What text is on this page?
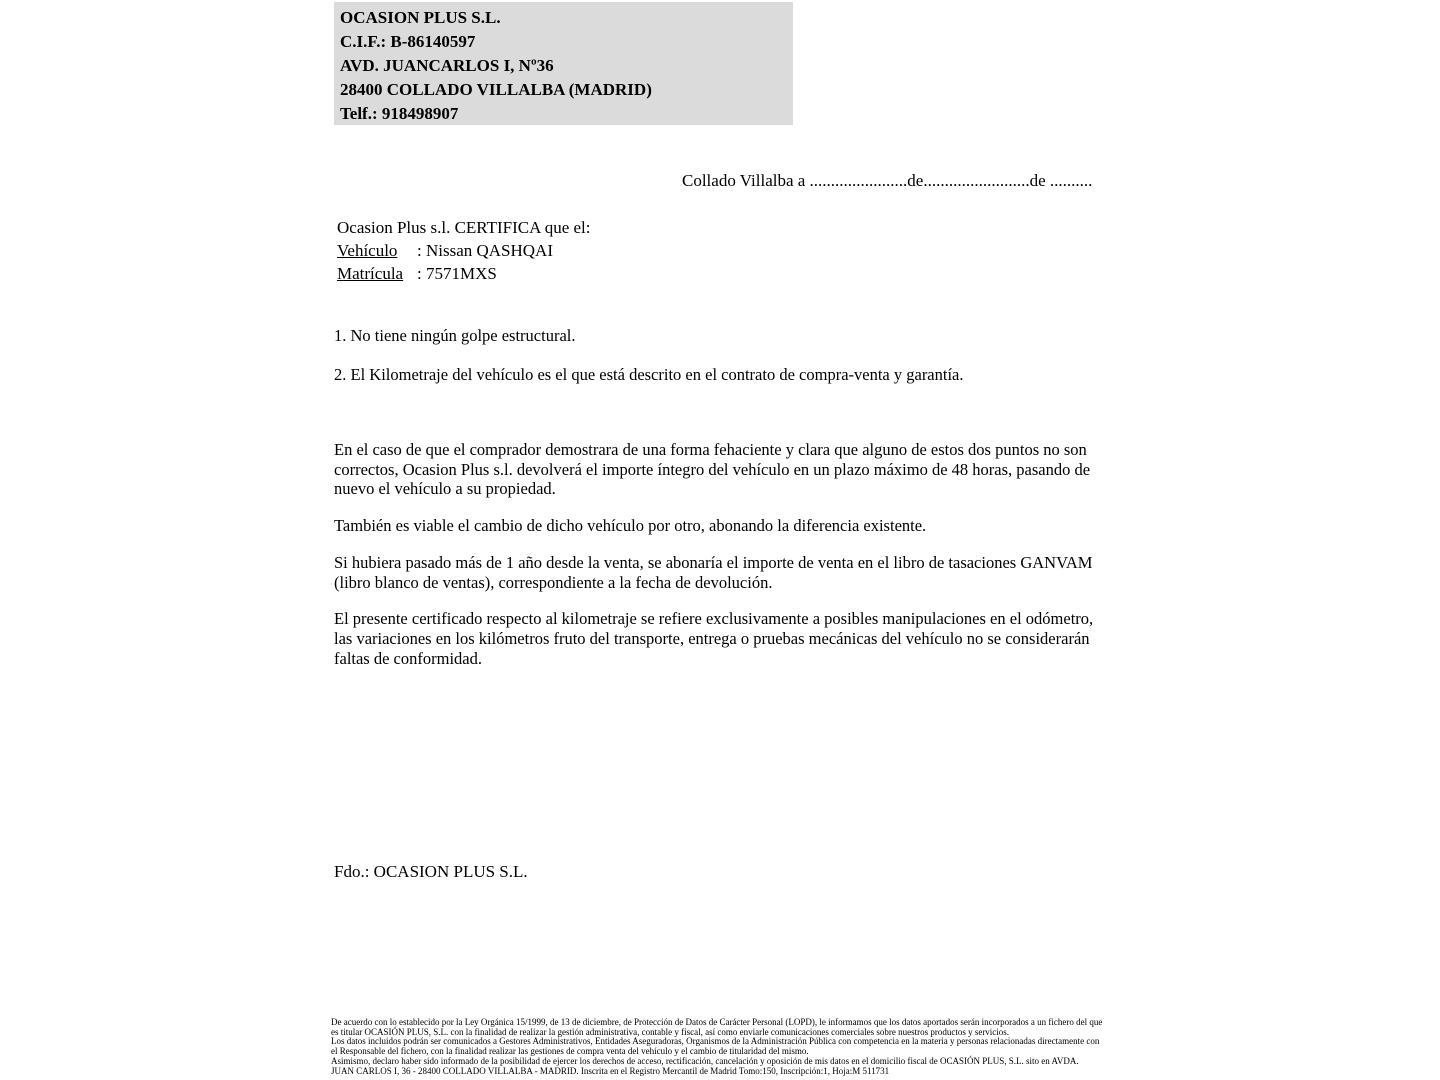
OCASION PLUS S.L.
C.I.F.: B-86140597
AVD. JUANCARLOS I, Nº36
28400 COLLADO VILLALBA (MADRID)
Telf.: 918498907
Collado Villalba a .......................de.........................de ..........
Ocasion Plus s.l. CERTIFICA que el:
Vehículo : Nissan QASHQAI
Matrícula : 7571MXS

1. No tiene ningún golpe estructural.

2. El Kilometraje del vehículo es el que está descrito en el contrato de compra-venta y garantía.

En el caso de que el comprador demostrara de una forma fehaciente y clara que alguno de estos dos puntos no son correctos, Ocasion Plus s.l. devolverá el importe íntegro del vehículo en un plazo máximo de 48 horas, pasando de nuevo el vehículo a su propiedad.

También es viable el cambio de dicho vehículo por otro, abonando la diferencia existente.

Si hubiera pasado más de 1 año desde la venta, se abonaría el importe de venta en el libro de tasaciones GANVAM (libro blanco de ventas), correspondiente a la fecha de devolución.

El presente certificado respecto al kilometraje se refiere exclusivamente a posibles manipulaciones en el odómetro, las variaciones en los kilómetros fruto del transporte, entrega o pruebas mecánicas del vehículo no se considerarán faltas de conformidad.

Fdo.: OCASION PLUS S.L.

De acuerdo con lo establecido por la Ley Orgánica 15/1999, de 13 de diciembre, de Protección de Datos de Carácter Personal (LOPD), le informamos que los datos aportados serán incorporados a un fichero del que es titular OCASIÓN PLUS, S.L. con la finalidad de realizar la gestión administrativa, contable y fiscal, así como enviarle comunicaciones comerciales sobre nuestros productos y servicios.

Los datos incluidos podrán ser comunicados a Gestores Administrativos, Entidades Aseguradoras, Organismos de la Administración Pública con competencia en la materia y personas relacionadas directamente con el Responsable del fichero, con la finalidad realizar las gestiones de compra venta del vehículo y el cambio de titularidad del mismo.

Asimismo, declaro haber sido informado de la posibilidad de ejercer los derechos de acceso, rectificación, cancelación y oposición de mis datos en el domicilio fiscal de OCASIÓN PLUS, S.L. sito en AVDA. JUAN CARLOS I, 36 - 28400 COLLADO VILLALBA - MADRID. Inscrita en el Registro Mercantil de Madrid Tomo:150, Inscripción:1, Hoja:M 511731
